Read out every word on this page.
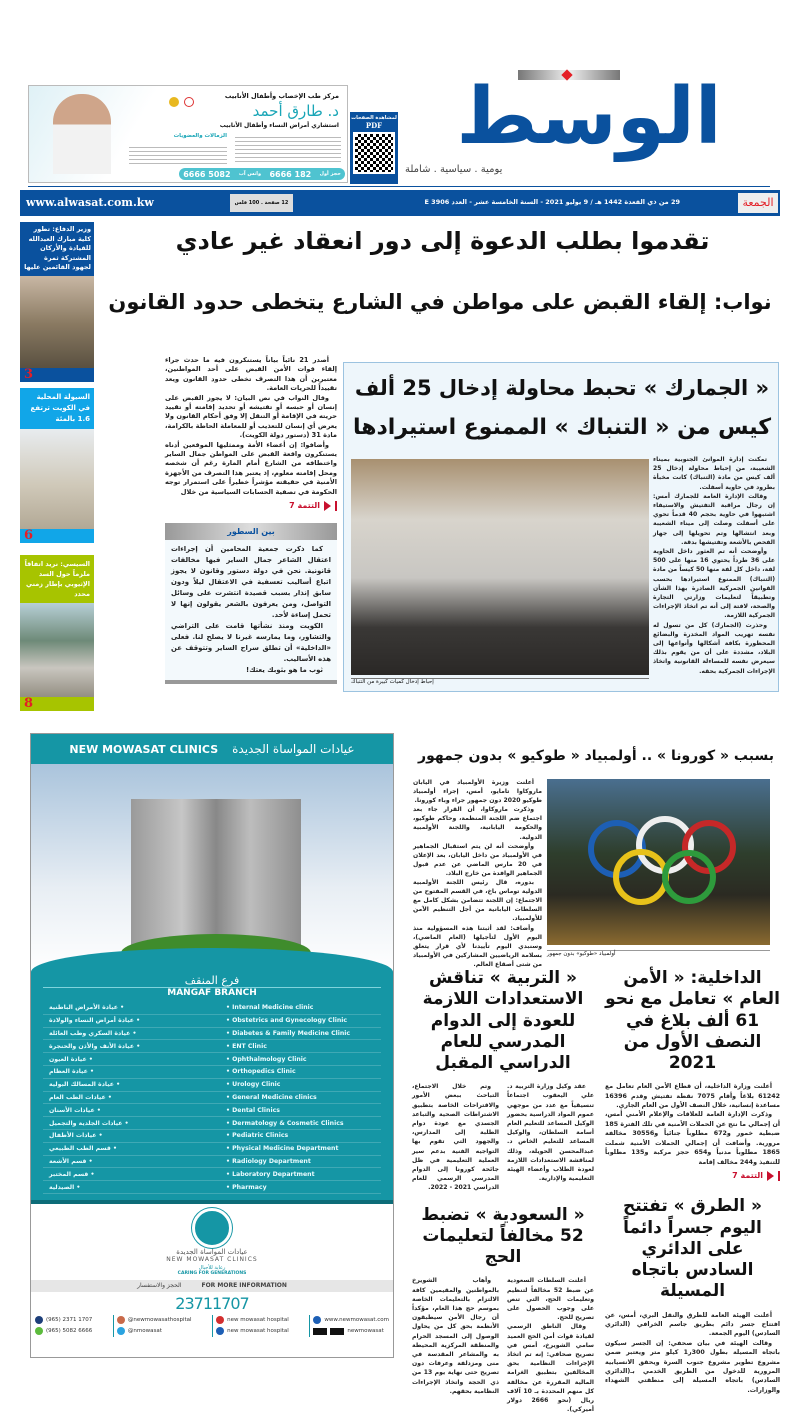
مركز طب الإخصاب وأطفال الأنابيب
د. طارق أحمد
استشاري أمراض النساء وأطفال الأنابيب
الزمالات والعضويات
حجز أول
182 6666
واتس آب
5082 6666
لمشاهدة الصفحات
PDF الوسط
يومية . سياسية . شاملة
www.alwasat.com.kw	12 صفحة . 100 فلس	29 من ذي القعدة 1442 هـ / 9 يوليو 2021 - السنة الخامسة عشر - العدد 3906 E	الجمعة
وزير الدفاع: تطور كلية مبارك العبدالله للقيادة والأركان المشتركة ثمرة لجهود القائمين عليها
3
السيولة المحلية في الكويت ترتفع 1.6 بالمئة
6
السيسي: نريد اتفاقاً ملزماً حول السد الإثيوبي بإطار زمني محدد
8
تقدموا بطلب الدعوة إلى دور انعقاد غير عادي
نواب: إلقاء القبض على مواطن في الشارع يتخطى حدود القانون

أصدر 21 نائباً بياناً يستنكرون فيه ما حدث جراء إلقاء قوات الأمن القبض على أحد المواطنين، معتبرين أن هذا التصرف تخطى حدود القانون ويعد تقييداً للحريات العامة.

وقال النواب في نص البيان: لا يجوز القبض على إنسان أو حبسه أو تفتيشه أو تحديد إقامته أو تقييد حريته في الإقامة أو التنقل إلا وفق أحكام القانون ولا يعرض أي إنسان للتعذيب أو للمعاملة الحاطة بالكرامة، مادة 31 (دستور دولة الكويت).

وأضافوا: إن أعضاء الأمة وممثليها الموقعين أدناه يستنكرون واقعة القبض على المواطن جمال الساير واختطافه من الشارع أمام المارة رغم أن شخصه ومحل إقامته معلوم، إذ يعتبر هذا التصرف من الأجهزة الأمنية في حقيقته مؤشراً خطيراً على استمرار توجه الحكومة في تصفية الحسابات السياسية من خلال

التتمة 7
بين السطور

كما ذكرت جمعية المحامين أن إجراءات اعتقال الشاعر جمال الساير فيها مخالفات قانونية. نحن في دولة دستور وقانون لا يجوز اتباع أساليب تعسفية في الاعتقال ليلاً ودون سابق إنذار بسبب قصيدة انتشرت على وسائل التواصل، ومن يعرفون بالشعر يقولون إنها لا تحمل إساءة لأحد.

الكويت ومنذ نشأتها قامت على التراضي والتشاور، وما يمارسه غيرنا لا يصلح لنا. فعلى «الداخلية» أن تطلق سراح الساير وتتوقف عن هذه الأساليب.

ثوب ما هو بثوبك يعتك!

« الجمارك » تحبط محاولة إدخال 25 ألف
كيس من « التنباك » الممنوع استيرادها
إحباط إدخال كميات كبيرة من التنباك

تمكنت إدارة الموانئ الجنوبية بميناء الشعيبة، من إحباط محاولة إدخال 25 ألف كيس من مادة (التنباك) كانت مخبأة بطرود في حاوية أسفلت.

وقالت الإدارة العامة للجمارك أمس: إن رجال مراقبة التفتيش والاستيفاء اشتبهوا في حاوية بحجم 40 قدماً تحوي على أسفلت وصلت إلى ميناء الشعيبة وبعد انتشالها وتم تحويلها إلى جهاز الفحص بالأشعة وتفتيشها بدقة.

وأوضحت أنه تم العثور داخل الحاوية على 36 طرداً يحتوي 16 منها على 500 لفة، داخل كل لفة منها 50 كيساً من مادة (التنباك) الممنوع استيرادها بحسب القوانين الجمركية الصادرة بهذا الشأن وتطبيقاً لتعليمات وزارتي التجارة والصحة، لافتة إلى أنه تم اتخاذ الإجراءات الجمركية اللازمة.

وحذرت (الجمارك) كل من تسول له نفسه تهريب المواد المخدرة والبضائع المحظورة بكافة أشكالها وأنواعها إلى البلاد، مشددة على أن من يقوم بذلك سيعرض نفسه للمساءلة القانونية واتخاذ الإجراءات الجمركية بحقه.

بسبب « كورونا » .. أولمبياد « طوكيو » بدون جمهور

أعلنت وزيرة الأولمبياد في اليابان ماروكاوا تامايو، أمس، إجراء أولمبياد طوكيو 2020 دون جمهور جراء وباء كورونا.

وذكرت ماروكاوا، أن القرار جاء بعد اجتماع ضم اللجنة المنظمة، وحاكم طوكيو، والحكومة اليابانية، واللجنة الأولمبية الدولية.

وأوضحت أنه لن يتم استقبال الجماهير في الأولمبياد من داخل اليابان، بعد الإعلان في 20 مارس الماضي عن عدم قبول الجماهير الوافدة من خارج البلاد.

بدوره، قال رئيس اللجنة الأولمبية الدولية توماس باخ، في القسم المفتوح من الاجتماع: إن اللجنة تتضامن بشكل كامل مع السلطات اليابانية من أجل التنظيم الآمن للأولمبياد.

وأضاف: لقد أثبتنا هذه المسؤولية منذ اليوم الأول لتأجيلها (العام الماضي)، وسنبدي اليوم تأييدنا لأي قرار يتعلق بسلامة الرياضيين المشاركين في الأولمبياد من شتى أصقاع العالم.

أولمبياد «طوكيو» بدون جمهور
NEW MOWASAT CLINICS عيادات المواساة الجديدة
فرع المنقف
MANGAF BRANCH
• عيادة الأمراض الباطنية	• Internal Medicine clinic
• عيادة أمراض النساء والولادة	• Obstetrics and Gynecology Clinic
• عيادة السكري وطب العائلة	• Diabetes & Family Medicine Clinic
• عيادة الأنف والأذن والحنجرة	• ENT Clinic
• عيادة العيون	• Ophthalmology Clinic
• عيادة العظام	• Orthopedics Clinic
• عيادة المسالك البولية	• Urology Clinic
• عيادات الطب العام	• General Medicine clinics
• عيادات الأسنان	• Dental Clinics
• عيادات الجلدية والتجميل	• Dermatology & Cosmetic Clinics
• عيادات الأطفال	• Pediatric Clinics
• قسم الطب الطبيعي	• Physical Medicine Department
• قسم الأشعة	• Radiology Department
• قسم المختبر	• Laboratory Department
• الصيدلية	• Pharmacy
عيادات المواساة الجديدة
NEW MOWASAT CLINICS
رعاية للأجيال
CARING FOR GENERATIONS
الحجز والاستفسار	FOR MORE INFORMATION
23711707
(965) 2371 1707
(965) 5082 6666
@newmowasathospital
@nmowasat
new mowasat hospital
new mowasat hospital
www.newmowasat.com
newmowasat
الداخلية: « الأمن العام » تعامل مع نحو 61 ألف بلاغ في النصف الأول من 2021

أعلنت وزارة الداخلية، أن قطاع الأمن العام تعامل مع 61242 بلاغاً وأقام 7075 نقطة تفتيش وقدم 16396 مساعدة إنسانية، خلال النصف الأول من العام الجاري.

وذكرت الإدارة العامة للعلاقات والإعلام الأمني أمس، أن إجمالي ما نتج عن الحملات الأمنية في تلك الفترة 185 ضبطية خمور و672 مطلوباً جنائياً و30556 مخالفة مرورية. وأضافت أن إجمالي الحملات الأمنية شملت 1865 مطلوباً مدنياً و654 حجز مركبة و135 مطلوباً للتنفيذ و244 مخالف إقامة

التتمة 7
« الطرق » تفتتح اليوم جسراً دائماً على الدائري السادس باتجاه المسيلة

أعلنت الهيئة العامة للطرق والنقل البري، أمس، عن افتتاح جسر دائم بطريق جاسم الخرافي (الدائري السادس) اليوم الجمعة.

وقالت الهيئة في بيان صحفي: إن الجسر سيكون باتجاه المسيلة بطول 300ر1 كيلو متر ويعتبر ضمن مشروع تطوير مشروع جنوب السرة ويحقق الانسيابية المرورية للدخول من الطريق الخدمي بـ(الدائري السادس) باتجاه المسيلة إلى منطقتي الشهداء والوزارات.

« التربية » تناقش الاستعدادات اللازمة للعودة إلى الدوام المدرسي للعام الدراسي المقبل

عقد وكيل وزارة التربية د. علي اليعقوب اجتماعاً تنسيقياً مع عدد من موجهي عموم المواد الدراسية بحضور الوكيل المساعد للتعليم العام أسامة السلطان، والوكيل المساعد للتعليم الخاص د. عبدالمحسن الحويلة، وذلك لمناقشة الاستعدادات اللازمة لعودة الطلاب وأعضاء الهيئة التعليمية والإدارية.

وتم خلال الاجتماع، التباحث ببعض الأمور والاقتراحات الخاصة بتطبيق الاشتراطات الصحية والتباعد الجسدي مع عودة دوام الطلبة إلى المدارس، والجهود التي تقوم بها التواجيه الفنية بدعم سير العملية التعليمية في ظل جائحة كورونا إلى الدوام المدرسي الرسمي للعام الدراسي 2021 - 2022.

« السعودية » تضبط 52 مخالفاً لتعليمات الحج

أعلنت السلطات السعودية عن ضبط 52 مخالفاً لتنظيم وتعليمات الحج، التي تنص على وجوب الحصول على تصريح للحج.

وقال الناطق الرسمي لقيادة قوات أمن الحج العميد سامي الشويرخ، أمس في تصريح صحافي: إنه تم اتخاذ الإجراءات النظامية بحق المخالفين بتطبيق الغرامة المالية المقررة عن مخالفة كل منهم المحددة بـ 10 آلاف ريال (نحو 2666 دولار أميركي).

وأهاب الشويرخ بالمواطنين والمقيمين كافة الالتزام بالتعليمات الخاصة بموسم حج هذا العام، مؤكداً أن رجال الأمن سيطبقون الأنظمة بحق كل من يحاول الوصول إلى المسجد الحرام والمنطقة المركزية المحيطة به والمشاعر المقدسة في منى ومزدلفة وعرفات دون تصريح حتى نهاية يوم 13 من ذي الحجة واتخاذ الإجراءات النظامية بحقهم.
